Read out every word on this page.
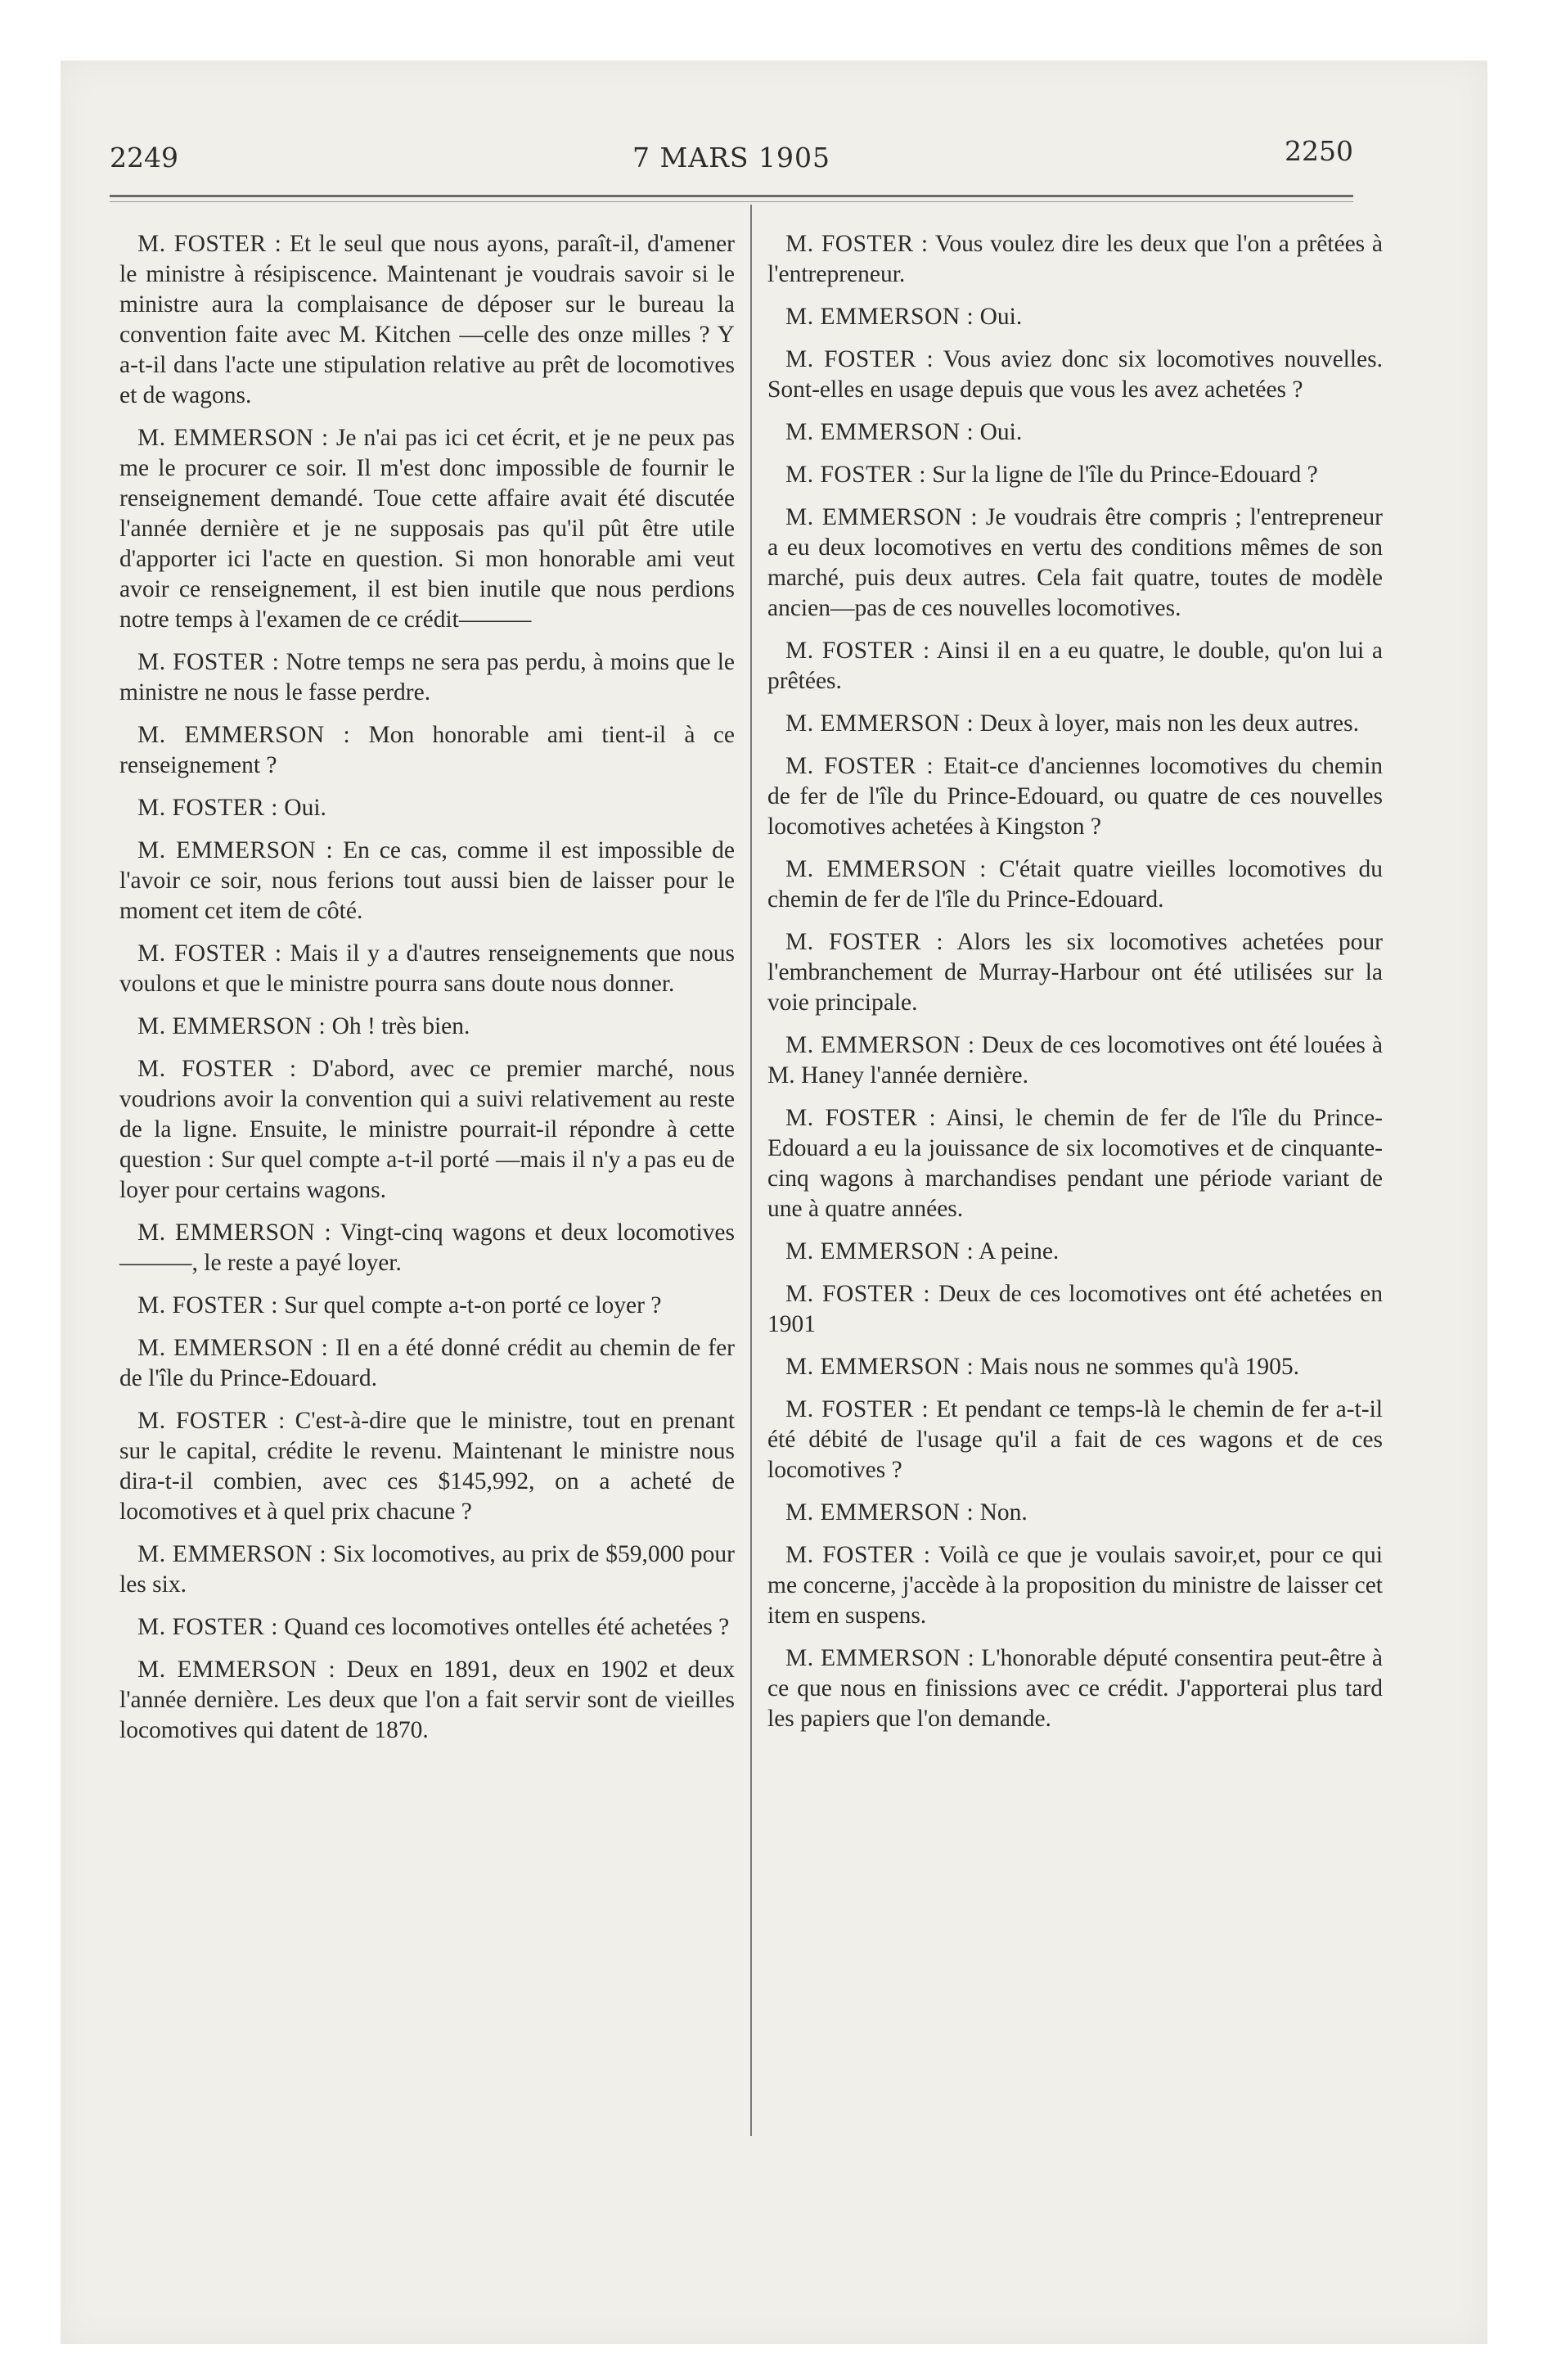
2249	7 MARS 1905	2250

M. FOSTER : Et le seul que nous ayons, paraît-il, d'amener le ministre à résipiscence. Maintenant je voudrais savoir si le ministre aura la complaisance de déposer sur le bureau la convention faite avec M. Kitchen —celle des onze milles ? Y a-t-il dans l'acte une stipulation relative au prêt de locomotives et de wagons.

M. EMMERSON : Je n'ai pas ici cet écrit, et je ne peux pas me le procurer ce soir. Il m'est donc impossible de fournir le renseignement demandé. Toue cette affaire avait été discutée l'année dernière et je ne supposais pas qu'il pût être utile d'apporter ici l'acte en question. Si mon honorable ami veut avoir ce renseignement, il est bien inutile que nous perdions notre temps à l'examen de ce crédit———

M. FOSTER : Notre temps ne sera pas perdu, à moins que le ministre ne nous le fasse perdre.

M. EMMERSON : Mon honorable ami tient-il à ce renseignement ?

M. FOSTER : Oui.

M. EMMERSON : En ce cas, comme il est impossible de l'avoir ce soir, nous ferions tout aussi bien de laisser pour le moment cet item de côté.

M. FOSTER : Mais il y a d'autres renseignements que nous voulons et que le ministre pourra sans doute nous donner.

M. EMMERSON : Oh ! très bien.

M. FOSTER : D'abord, avec ce premier marché, nous voudrions avoir la convention qui a suivi relativement au reste de la ligne. Ensuite, le ministre pourrait-il répondre à cette question : Sur quel compte a-t-il porté —mais il n'y a pas eu de loyer pour certains wagons.

M. EMMERSON : Vingt-cinq wagons et deux locomotives———, le reste a payé loyer.

M. FOSTER : Sur quel compte a-t-on porté ce loyer ?

M. EMMERSON : Il en a été donné crédit au chemin de fer de l'île du Prince-Edouard.

M. FOSTER : C'est-à-dire que le ministre, tout en prenant sur le capital, crédite le revenu. Maintenant le ministre nous dira-t-il combien, avec ces $145,992, on a acheté de locomotives et à quel prix chacune ?

M. EMMERSON : Six locomotives, au prix de $59,000 pour les six.

M. FOSTER : Quand ces locomotives ontelles été achetées ?

M. EMMERSON : Deux en 1891, deux en 1902 et deux l'année dernière. Les deux que l'on a fait servir sont de vieilles locomotives qui datent de 1870.

M. FOSTER : Vous voulez dire les deux que l'on a prêtées à l'entrepreneur.

M. EMMERSON : Oui.

M. FOSTER : Vous aviez donc six locomotives nouvelles. Sont-elles en usage depuis que vous les avez achetées ?

M. EMMERSON : Oui.

M. FOSTER : Sur la ligne de l'île du Prince-Edouard ?

M. EMMERSON : Je voudrais être compris ; l'entrepreneur a eu deux locomotives en vertu des conditions mêmes de son marché, puis deux autres. Cela fait quatre, toutes de modèle ancien—pas de ces nouvelles locomotives.

M. FOSTER : Ainsi il en a eu quatre, le double, qu'on lui a prêtées.

M. EMMERSON : Deux à loyer, mais non les deux autres.

M. FOSTER : Etait-ce d'anciennes locomotives du chemin de fer de l'île du Prince-Edouard, ou quatre de ces nouvelles locomotives achetées à Kingston ?

M. EMMERSON : C'était quatre vieilles locomotives du chemin de fer de l'île du Prince-Edouard.

M. FOSTER : Alors les six locomotives achetées pour l'embranchement de Murray-Harbour ont été utilisées sur la voie principale.

M. EMMERSON : Deux de ces locomotives ont été louées à M. Haney l'année dernière.

M. FOSTER : Ainsi, le chemin de fer de l'île du Prince-Edouard a eu la jouissance de six locomotives et de cinquante-cinq wagons à marchandises pendant une période variant de une à quatre années.

M. EMMERSON : A peine.

M. FOSTER : Deux de ces locomotives ont été achetées en 1901

M. EMMERSON : Mais nous ne sommes qu'à 1905.

M. FOSTER : Et pendant ce temps-là le chemin de fer a-t-il été débité de l'usage qu'il a fait de ces wagons et de ces locomotives ?

M. EMMERSON : Non.

M. FOSTER : Voilà ce que je voulais savoir,et, pour ce qui me concerne, j'accède à la proposition du ministre de laisser cet item en suspens.

M. EMMERSON : L'honorable député consentira peut-être à ce que nous en finissions avec ce crédit. J'apporterai plus tard les papiers que l'on demande.
